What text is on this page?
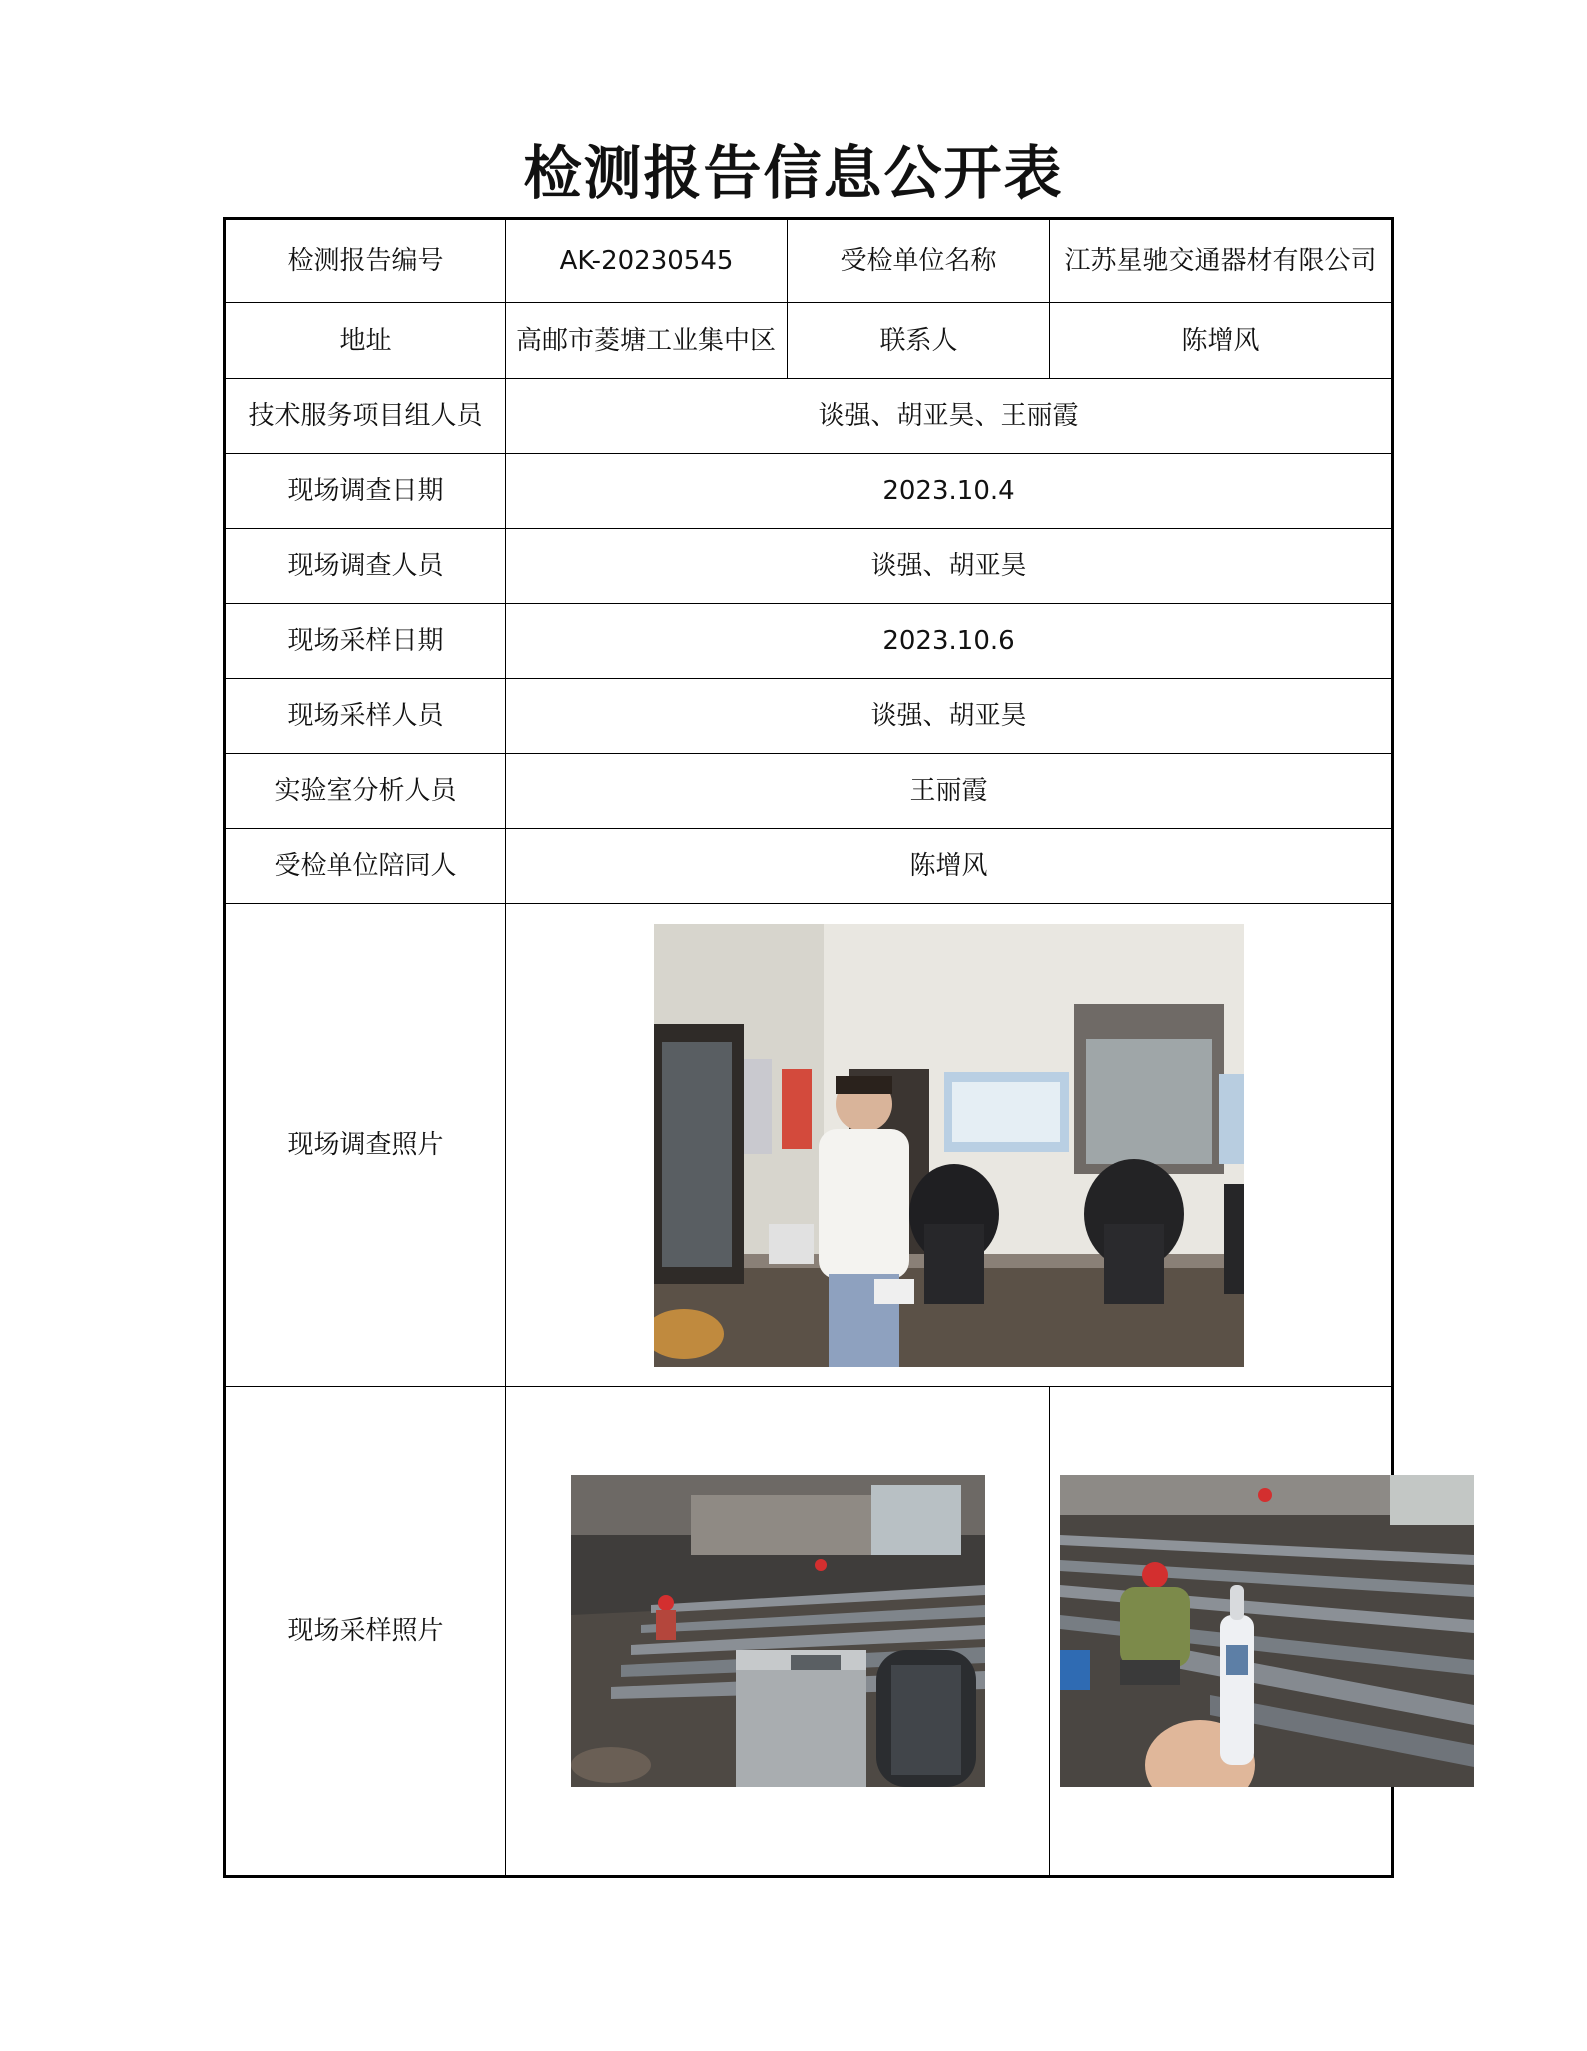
检测报告信息公开表
检测报告编号	AK-20230545	受检单位名称	江苏星驰交通器材有限公司
地址	高邮市菱塘工业集中区	联系人	陈增风
技术服务项目组人员	谈强、胡亚昊、王丽霞		
现场调查日期	2023.10.4		
现场调查人员	谈强、胡亚昊		
现场采样日期	2023.10.6		
现场采样人员	谈强、胡亚昊		
实验室分析人员	王丽霞		
受检单位陪同人	陈增风		
现场调查照片	

现场采样照片	
